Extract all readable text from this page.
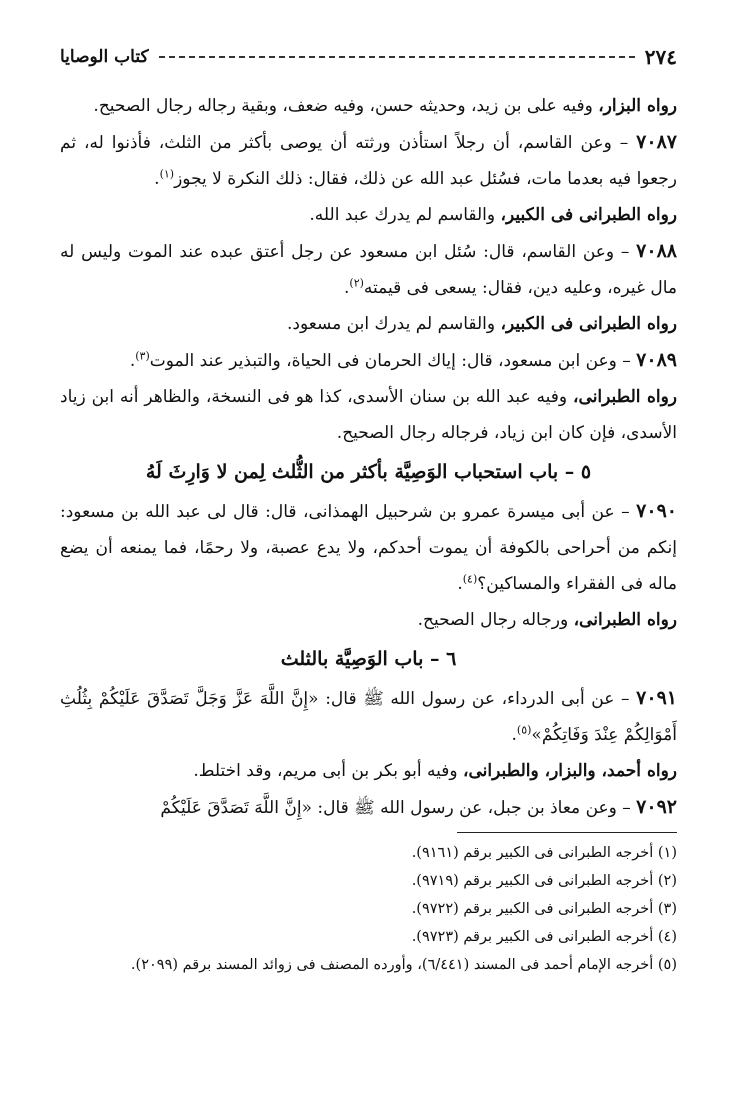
٢٧٤
كتاب الوصايا

رواه البزار، وفيه على بن زيد، وحديثه حسن، وفيه ضعف، وبقية رجاله رجال الصحيح.

٧٠٨٧ – وعن القاسم، أن رجلاً استأذن ورثته أن يوصى بأكثر من الثلث، فأذنوا له، ثم رجعوا فيه بعدما مات، فسُئل عبد الله عن ذلك، فقال: ذلك النكرة لا يجوز$^{(١)}$.

رواه الطبرانى فى الكبير، والقاسم لم يدرك عبد الله.

٧٠٨٨ – وعن القاسم، قال: سُئل ابن مسعود عن رجل أعتق عبده عند الموت وليس له مال غيره، وعليه دين، فقال: يسعى فى قيمته$^{(٢)}$.

رواه الطبرانى فى الكبير، والقاسم لم يدرك ابن مسعود.

٧٠٨٩ – وعن ابن مسعود، قال: إياك الحرمان فى الحياة، والتبذير عند الموت$^{(٣)}$.

رواه الطبرانى، وفيه عبد الله بن سنان الأسدى، كذا هو فى النسخة، والظاهر أنه ابن زياد الأسدى، فإن كان ابن زياد، فرجاله رجال الصحيح.

٥ – باب استحباب الوَصِيَّة بأكثر من الثُّلث لِمن لا وَارِثَ لَهُ

٧٠٩٠ – عن أبى ميسرة عمرو بن شرحبيل الهمذانى، قال: قال لى عبد الله بن مسعود: إنكم من أحراحى بالكوفة أن يموت أحدكم، ولا يدع عصبة، ولا رحمًا، فما يمنعه أن يضع ماله فى الفقراء والمساكين؟$^{(٤)}$.

رواه الطبرانى، ورجاله رجال الصحيح.

٦ – باب الوَصِيَّة بالثلث

٧٠٩١ – عن أبى الدرداء، عن رسول الله ﷺ قال: «إِنَّ اللَّهَ عَزَّ وَجَلَّ تَصَدَّقَ عَلَيْكُمْ بِثُلُثِ أَمْوَالِكُمْ عِنْدَ وَفَاتِكُمْ»$^{(٥)}$.

رواه أحمد، والبزار، والطبرانى، وفيه أبو بكر بن أبى مريم، وقد اختلط.

٧٠٩٢ – وعن معاذ بن جبل، عن رسول الله ﷺ قال: «إِنَّ اللَّهَ تَصَدَّقَ عَلَيْكُمْ

(١) أخرجه الطبرانى فى الكبير برقم (٩١٦١).

(٢) أخرجه الطبرانى فى الكبير برقم (٩٧١٩).

(٣) أخرجه الطبرانى فى الكبير برقم (٩٧٢٢).

(٤) أخرجه الطبرانى فى الكبير برقم (٩٧٢٣).

(٥) أخرجه الإمام أحمد فى المسند (٦/٤٤١)، وأورده المصنف فى زوائد المسند برقم (٢٠٩٩).
